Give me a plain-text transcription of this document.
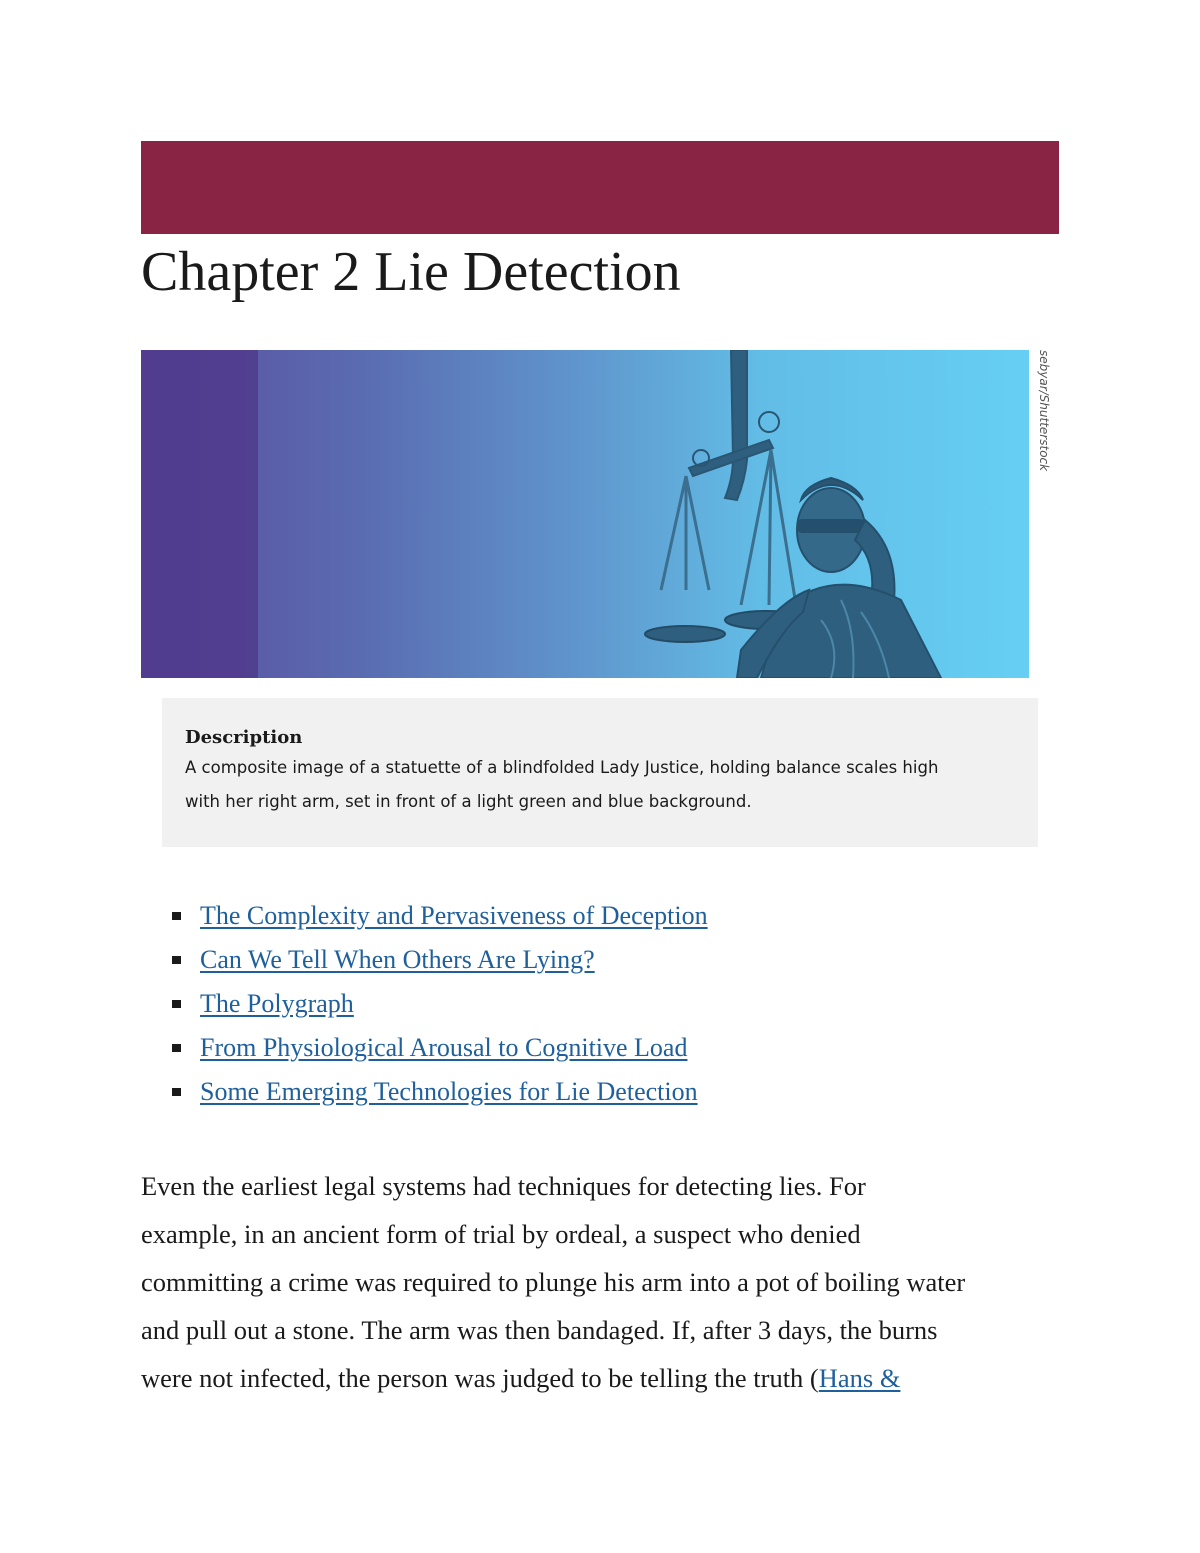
Chapter 2 Lie Detection
sebyar/Shutterstock
Description
A composite image of a statuette of a blindfolded Lady Justice, holding balance scales high
with her right arm, set in front of a light green and blue background.
The Complexity and Pervasiveness of Deception
Can We Tell When Others Are Lying?
The Polygraph
From Physiological Arousal to Cognitive Load
Some Emerging Technologies for Lie Detection
Even the earliest legal systems had techniques for detecting lies. For
example, in an ancient form of trial by ordeal, a suspect who denied
committing a crime was required to plunge his arm into a pot of boiling water
and pull out a stone. The arm was then bandaged. If, after 3 days, the burns
were not infected, the person was judged to be telling the truth (Hans &
